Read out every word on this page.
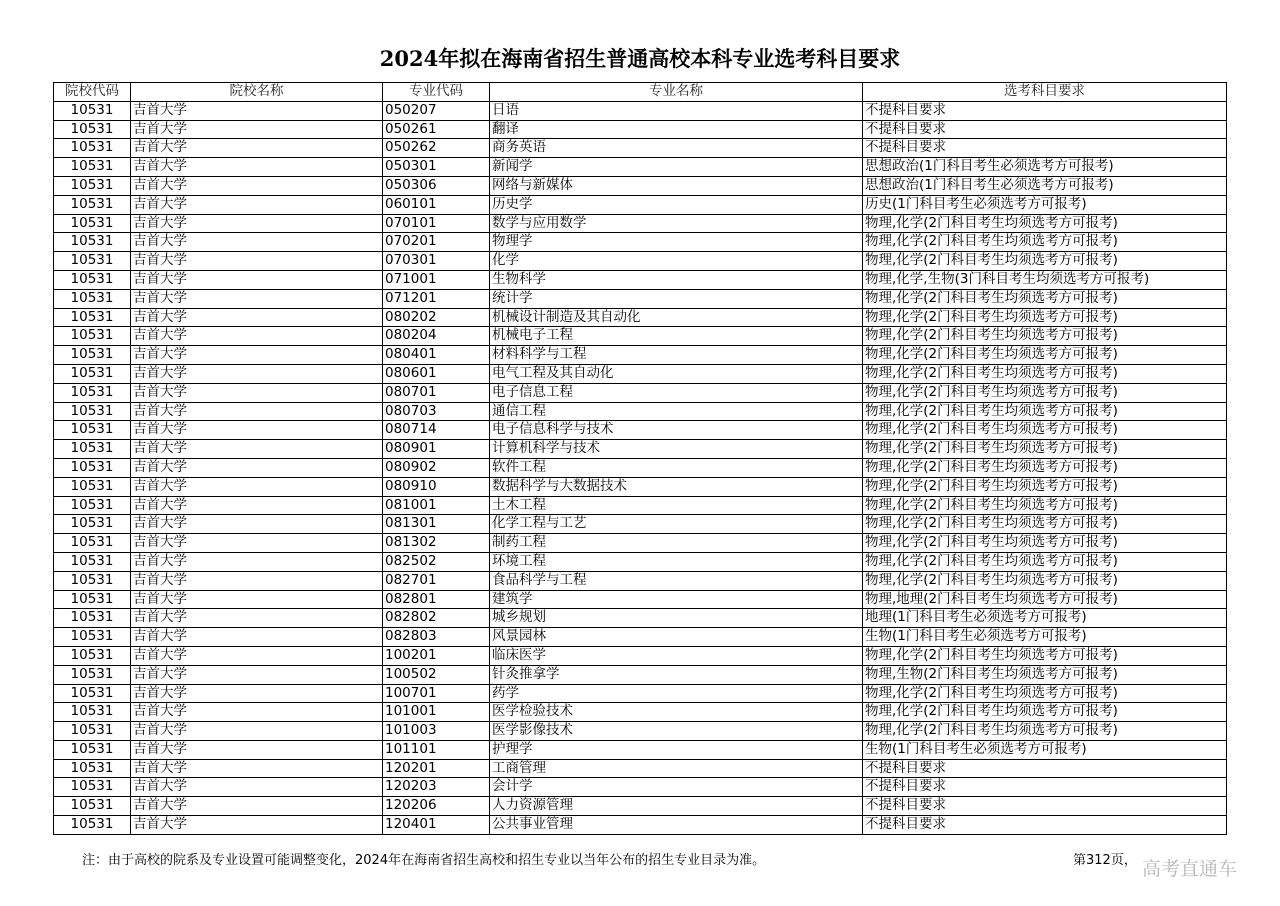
2024年拟在海南省招生普通高校本科专业选考科目要求
院校代码	院校名称	专业代码	专业名称	选考科目要求
10531	吉首大学	050207	日语	不提科目要求
10531	吉首大学	050261	翻译	不提科目要求
10531	吉首大学	050262	商务英语	不提科目要求
10531	吉首大学	050301	新闻学	思想政治(1门科目考生必须选考方可报考)
10531	吉首大学	050306	网络与新媒体	思想政治(1门科目考生必须选考方可报考)
10531	吉首大学	060101	历史学	历史(1门科目考生必须选考方可报考)
10531	吉首大学	070101	数学与应用数学	物理,化学(2门科目考生均须选考方可报考)
10531	吉首大学	070201	物理学	物理,化学(2门科目考生均须选考方可报考)
10531	吉首大学	070301	化学	物理,化学(2门科目考生均须选考方可报考)
10531	吉首大学	071001	生物科学	物理,化学,生物(3门科目考生均须选考方可报考)
10531	吉首大学	071201	统计学	物理,化学(2门科目考生均须选考方可报考)
10531	吉首大学	080202	机械设计制造及其自动化	物理,化学(2门科目考生均须选考方可报考)
10531	吉首大学	080204	机械电子工程	物理,化学(2门科目考生均须选考方可报考)
10531	吉首大学	080401	材料科学与工程	物理,化学(2门科目考生均须选考方可报考)
10531	吉首大学	080601	电气工程及其自动化	物理,化学(2门科目考生均须选考方可报考)
10531	吉首大学	080701	电子信息工程	物理,化学(2门科目考生均须选考方可报考)
10531	吉首大学	080703	通信工程	物理,化学(2门科目考生均须选考方可报考)
10531	吉首大学	080714	电子信息科学与技术	物理,化学(2门科目考生均须选考方可报考)
10531	吉首大学	080901	计算机科学与技术	物理,化学(2门科目考生均须选考方可报考)
10531	吉首大学	080902	软件工程	物理,化学(2门科目考生均须选考方可报考)
10531	吉首大学	080910	数据科学与大数据技术	物理,化学(2门科目考生均须选考方可报考)
10531	吉首大学	081001	土木工程	物理,化学(2门科目考生均须选考方可报考)
10531	吉首大学	081301	化学工程与工艺	物理,化学(2门科目考生均须选考方可报考)
10531	吉首大学	081302	制药工程	物理,化学(2门科目考生均须选考方可报考)
10531	吉首大学	082502	环境工程	物理,化学(2门科目考生均须选考方可报考)
10531	吉首大学	082701	食品科学与工程	物理,化学(2门科目考生均须选考方可报考)
10531	吉首大学	082801	建筑学	物理,地理(2门科目考生均须选考方可报考)
10531	吉首大学	082802	城乡规划	地理(1门科目考生必须选考方可报考)
10531	吉首大学	082803	风景园林	生物(1门科目考生必须选考方可报考)
10531	吉首大学	100201	临床医学	物理,化学(2门科目考生均须选考方可报考)
10531	吉首大学	100502	针灸推拿学	物理,生物(2门科目考生均须选考方可报考)
10531	吉首大学	100701	药学	物理,化学(2门科目考生均须选考方可报考)
10531	吉首大学	101001	医学检验技术	物理,化学(2门科目考生均须选考方可报考)
10531	吉首大学	101003	医学影像技术	物理,化学(2门科目考生均须选考方可报考)
10531	吉首大学	101101	护理学	生物(1门科目考生必须选考方可报考)
10531	吉首大学	120201	工商管理	不提科目要求
10531	吉首大学	120203	会计学	不提科目要求
10531	吉首大学	120206	人力资源管理	不提科目要求
10531	吉首大学	120401	公共事业管理	不提科目要求
注：由于高校的院系及专业设置可能调整变化，2024年在海南省招生高校和招生专业以当年公布的招生专业目录为准。	第312页， 高考直通车
